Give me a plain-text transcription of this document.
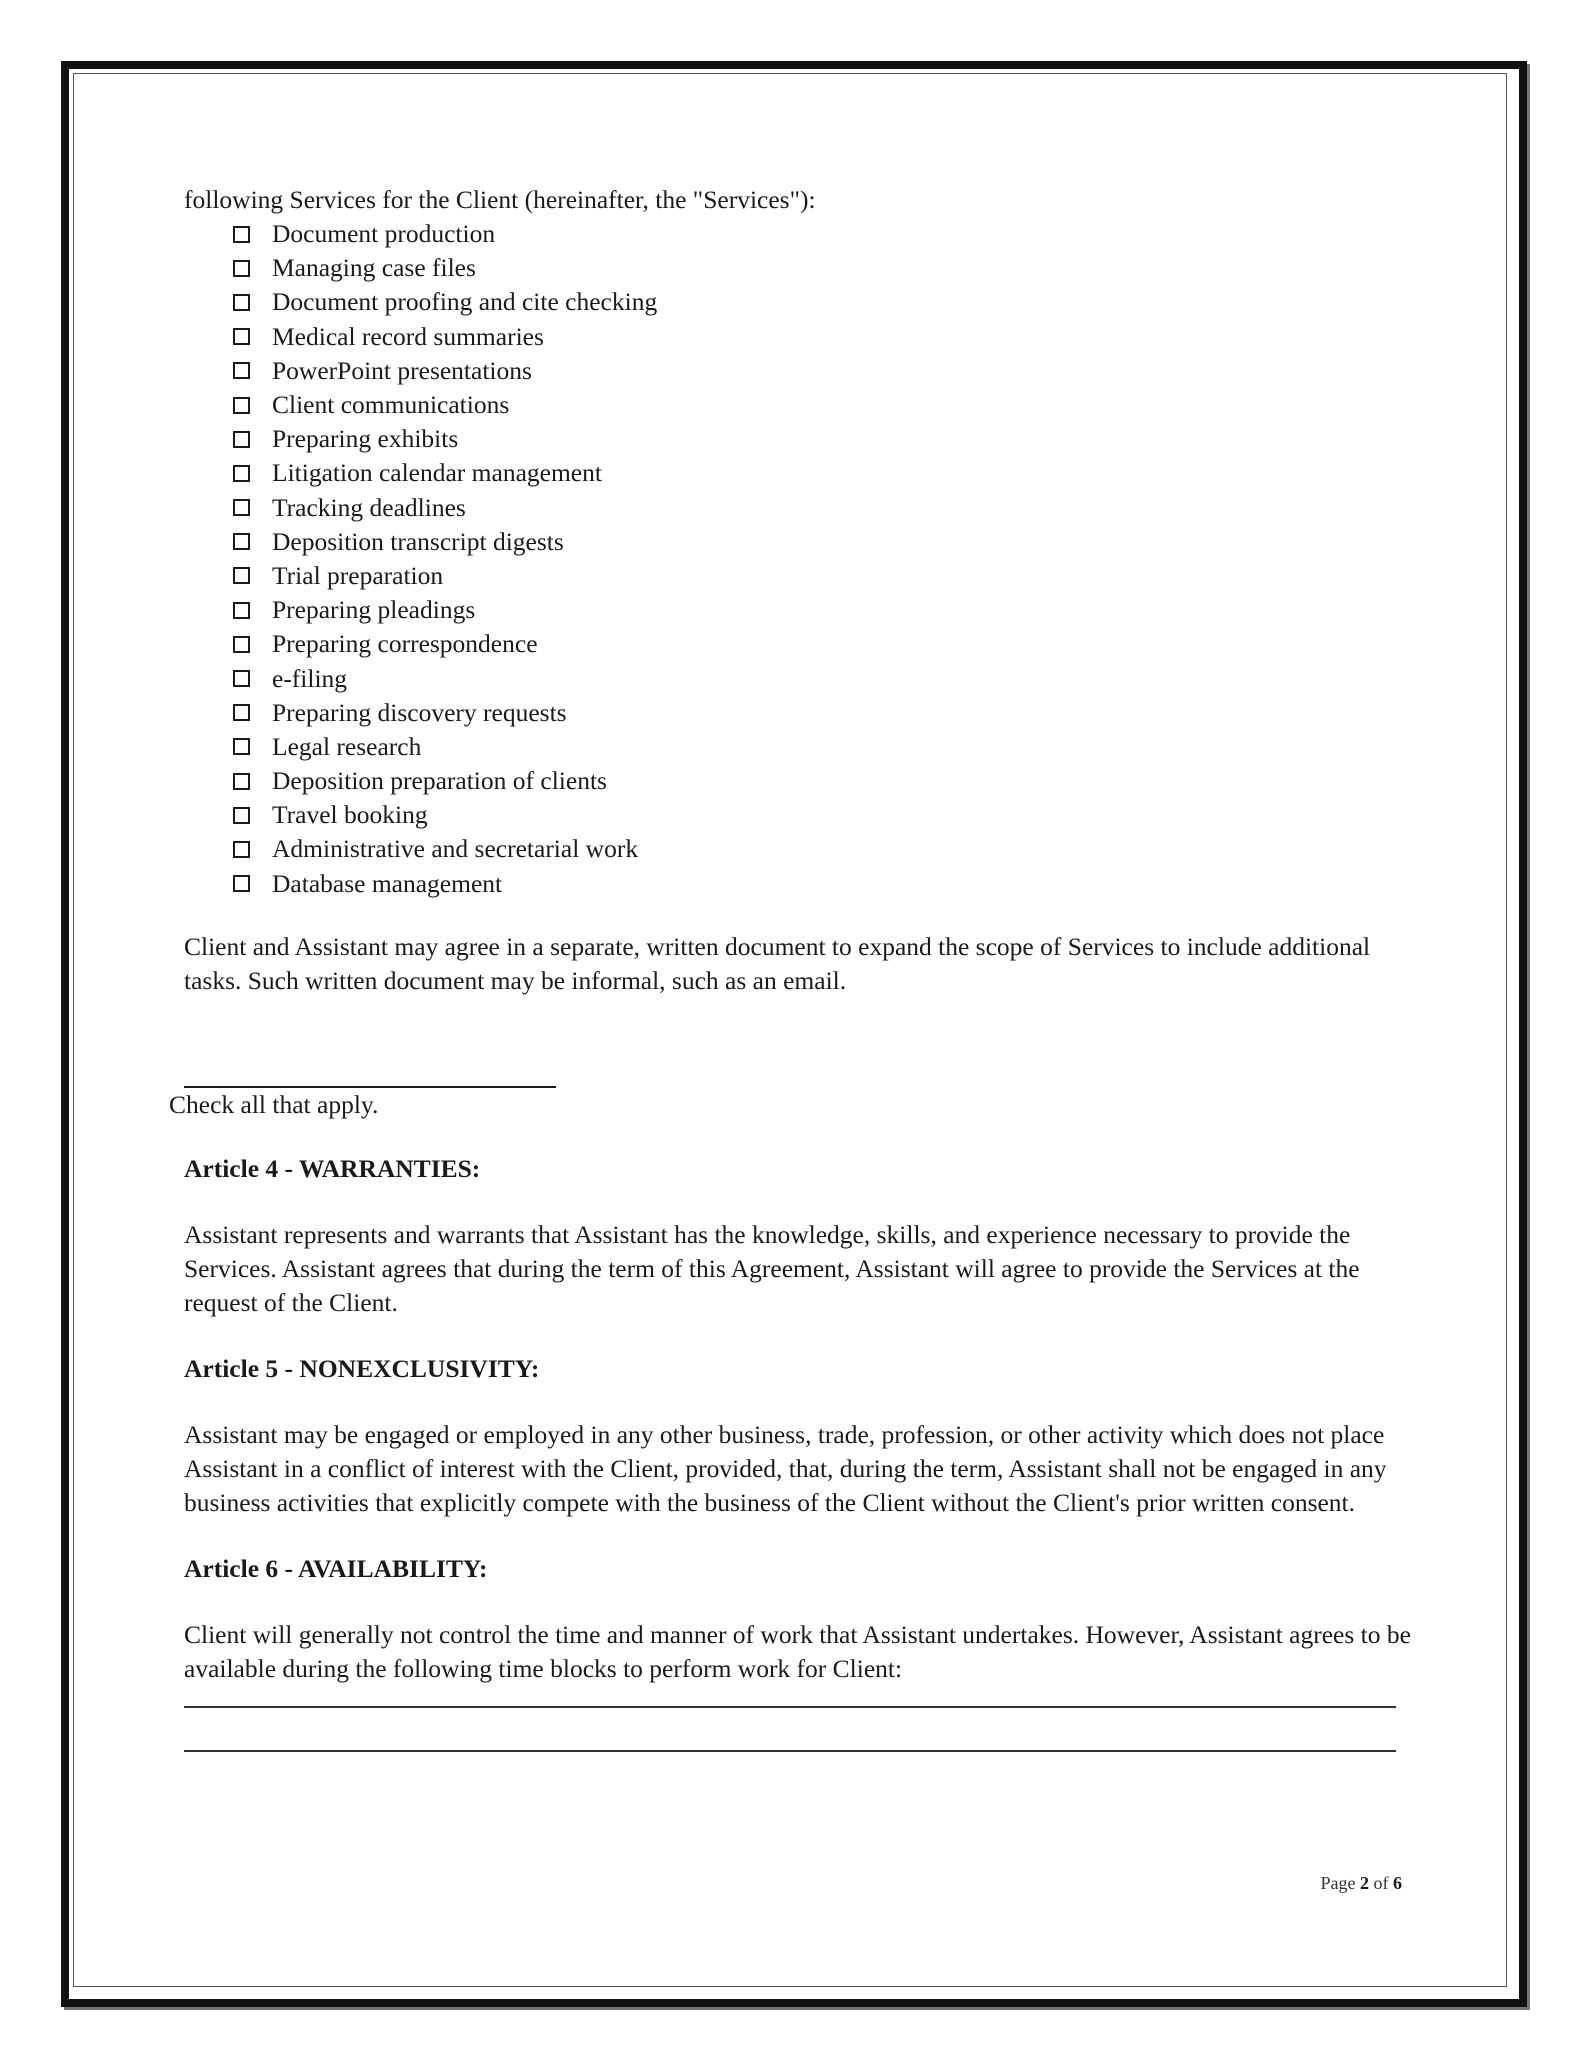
following Services for the Client (hereinafter, the "Services"):

Document production
Managing case files
Document proofing and cite checking
Medical record summaries
PowerPoint presentations
Client communications
Preparing exhibits
Litigation calendar management
Tracking deadlines
Deposition transcript digests
Trial preparation
Preparing pleadings
Preparing correspondence
e-filing
Preparing discovery requests
Legal research
Deposition preparation of clients
Travel booking
Administrative and secretarial work
Database management

Client and Assistant may agree in a separate, written document to expand the scope of Services to include additional tasks. Such written document may be informal, such as an email.

Check all that apply.

Article 4 - WARRANTIES:

Assistant represents and warrants that Assistant has the knowledge, skills, and experience necessary to provide the Services. Assistant agrees that during the term of this Agreement, Assistant will agree to provide the Services at the request of the Client.

Article 5 - NONEXCLUSIVITY:

Assistant may be engaged or employed in any other business, trade, profession, or other activity which does not place Assistant in a conflict of interest with the Client, provided, that, during the term, Assistant shall not be engaged in any business activities that explicitly compete with the business of the Client without the Client's prior written consent.

Article 6 - AVAILABILITY:

Client will generally not control the time and manner of work that Assistant undertakes. However, Assistant agrees to be available during the following time blocks to perform work for Client:

Page 2 of 6
